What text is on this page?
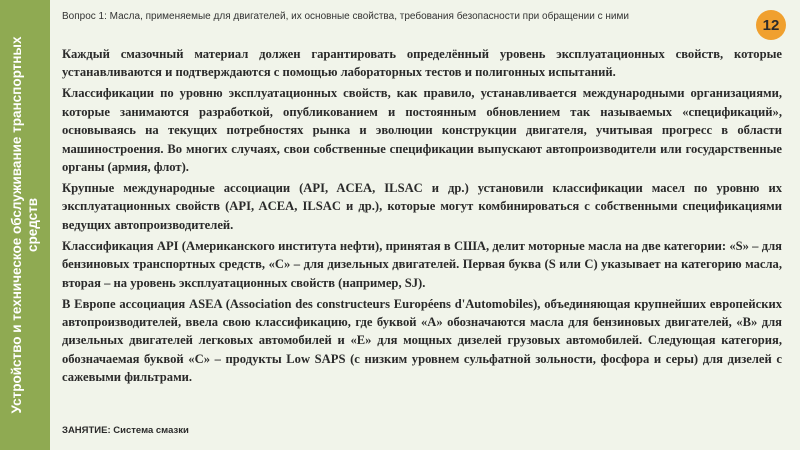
Устройство и техническое обслуживание транспортных средств
Вопрос 1: Масла, применяемые для двигателей, их основные свойства, требования безопасности при обращении с ними	12

Каждый смазочный материал должен гарантировать определённый уровень эксплуатационных свойств, которые устанавливаются и подтверждаются с помощью лабораторных тестов и полигонных испытаний.

Классификации по уровню эксплуатационных свойств, как правило, устанавливается международными организациями, которые занимаются разработкой, опубликованием и постоянным обновлением так называемых «спецификаций», основываясь на текущих потребностях рынка и эволюции конструкции двигателя, учитывая прогресс в области машиностроения. Во многих случаях, свои собственные спецификации выпускают автопроизводители или государственные органы (армия, флот).

Крупные международные ассоциации (API, ACEA, ILSAC и др.) установили классификации масел по уровню их эксплуатационных свойств (API, ACEA, ILSAC и др.), которые могут комбинироваться с собственными спецификациями ведущих автопроизводителей.

Классификация API (Американского института нефти), принятая в США, делит моторные масла на две категории: «S» – для бензиновых транспортных средств, «С» – для дизельных двигателей. Первая буква (S или C) указывает на категорию масла, вторая – на уровень эксплуатационных свойств (например, SJ).

В Европе ассоциация ASEA (Association des constructeurs Européens d'Automobiles), объединяющая крупнейших европейских автопроизводителей, ввела свою классификацию, где буквой «А» обозначаются масла для бензиновых двигателей, «В» для дизельных двигателей легковых автомобилей и «Е» для мощных дизелей грузовых автомобилей. Следующая категория, обозначаемая буквой «С» – продукты Low SAPS (с низким уровнем сульфатной зольности, фосфора и серы) для дизелей с сажевыми фильтрами.

ЗАНЯТИЕ: Система смазки
